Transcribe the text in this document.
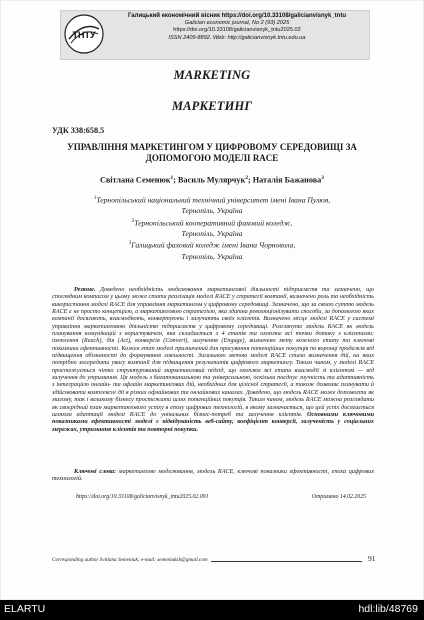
ТНТУ
Галицький економічний вісник https://doi.org/10.33108/galicianvisnyk_tntu
Galician economic journal, No 2 (93) 2025
https://doi.org/10.33108/galicianvisnyk_tntu2025.02
ISSN 2409-8892. Web: http://galicianvisnyk.tntu.edu.ua
MARKETING
МАРКЕТИНГ
УДК 338:658.5
УПРАВЛІННЯ МАРКЕТИНГОМ У ЦИФРОВОМУ СЕРЕДОВИЩІ ЗА ДОПОМОГОЮ МОДЕЛІ RACE
Світлана Семенюк$^1$; Василь Мулярчук$^2$; Наталія Бажанова$^3$
$^1$Тернопільський національний технічний університет імені Івана Пулюя,
Тернопіль, Україна
$^2$Тернопільський кооперативний фаховий коледж,
Тернопіль, Україна
$^3$Галицький фаховий коледж імені Івана Чорновола,
Тернопіль, Україна
Резюме. Доведено необхідність моделювання маркетингової діяльності підприємств та зазначено, що споглядним компасом у цьому може стати реалізація моделі RACE у стратегії компанії, визначено роль та необхідність використання моделі RACE для управління маркетингом у цифровому середовищі. Зазначено, що за своєю суттю модель RACE є не просто концепцією, а маркетинговою стратегією, яка здатна революціонізувати способи, за допомогою яких компанії досягають, взаємодіють, конвертують і залучають своїх клієнтів. Визначено місце моделі RACE у системі управління маркетинговою діяльністю підприємств у цифровому середовищі. Розглянуто модель RACE як модель планування комунікацій з користувачем, яка складається з 4 етапів та охоплює всі точки дотику з клієнтами: охоплення (Reach), дія (Act), конверсія (Convert), залучення (Engage), визначено мету кожного етапу та ключові показники ефективності. Кожен етап моделі призначений для просування потенційних покупців по воронці продажів від підвищення обізнаності до формування лояльності. Загальною метою моделі RACE стало визначення дій, на яких потрібно зосередити увагу компанії для підвищення результатів цифрового маркетингу. Таким чином, у моделі RACE простежується чітко структурований маркетинговий підхід, що охоплює всі етапи взаємодії зі клієнтом — від залучення до утримання. Ця модель з багатоканальною та універсальною, оскільки поєднує гнучкість та адаптивність з інтеграцією онлайн- та офлайн маркетингових дій, необхідних для цілісної стратегії, а також дозволяє планувати й здійснювати комплексні дії в різних офлайнових та онлайнових каналах. Доведено, що модель RACE може допомогти як малому, так і великому бізнесу простежити шлях потенційних покупців. Таким чином, модель RACE можна розглядати як своєрідний план маркетингового успіху в епоху цифрових технологій, в якому зазначається, що цей успіх досягається шляхом адаптації моделі RACE до унікальних бізнес-потреб та залучення клієнтів. Основними ключовими показниками ефективності моделі є відвідуваність веб-сайту, коефіцієнт конверсії, залученість у соціальних мережах, утримання клієнтів та повторні покупки.
Ключові слова: маркетингове моделювання, модель RACE, ключові показники ефективності, епоха цифрових технологій.
https://doi.org/10.33108/galicianvisnyk_tntu2025.02.091	Отримано 14.02.2025
Corresponding author Svitlana Semeniuk; e-mail: semeniuksh@gmail.com	91
ELARTU	hdl:lib/48769
